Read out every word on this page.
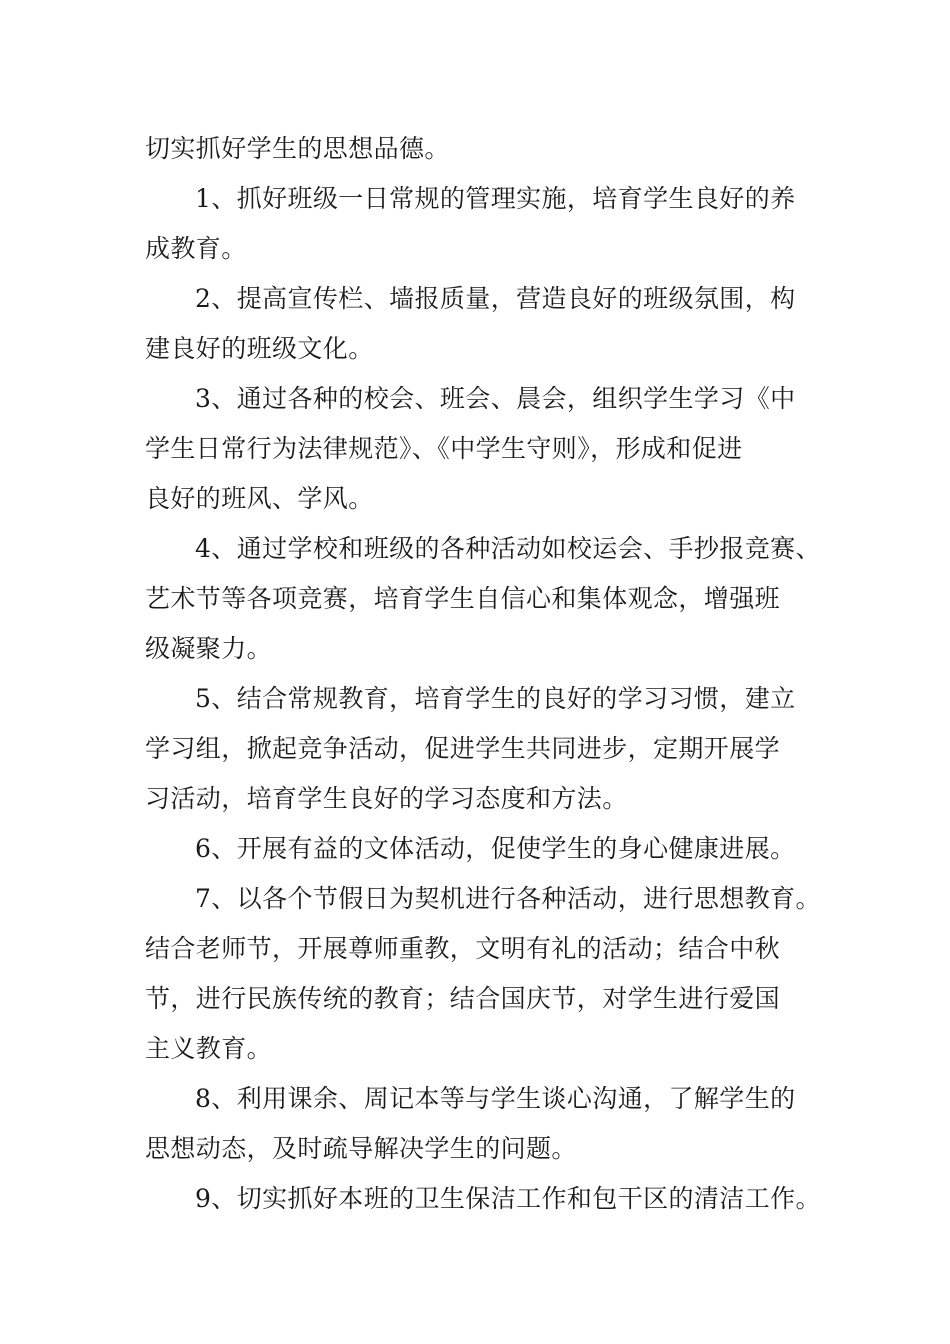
切实抓好学生的思想品德。
1、抓好班级一日常规的管理实施，培育学生良好的养
成教育。
2、提高宣传栏、墙报质量，营造良好的班级氛围，构
建良好的班级文化。
3、通过各种的校会、班会、晨会，组织学生学习《中
学生日常行为法律规范》、《中学生守则》，形成和促进
良好的班风、学风。
4、通过学校和班级的各种活动如校运会、手抄报竞赛、
艺术节等各项竞赛，培育学生自信心和集体观念，增强班
级凝聚力。
5、结合常规教育，培育学生的良好的学习习惯，建立
学习组，掀起竞争活动，促进学生共同进步，定期开展学
习活动，培育学生良好的学习态度和方法。
6、开展有益的文体活动，促使学生的身心健康进展。
7、以各个节假日为契机进行各种活动，进行思想教育。
结合老师节，开展尊师重教，文明有礼的活动；结合中秋
节，进行民族传统的教育；结合国庆节，对学生进行爱国
主义教育。
8、利用课余、周记本等与学生谈心沟通，了解学生的
思想动态，及时疏导解决学生的问题。
9、切实抓好本班的卫生保洁工作和包干区的清洁工作。
